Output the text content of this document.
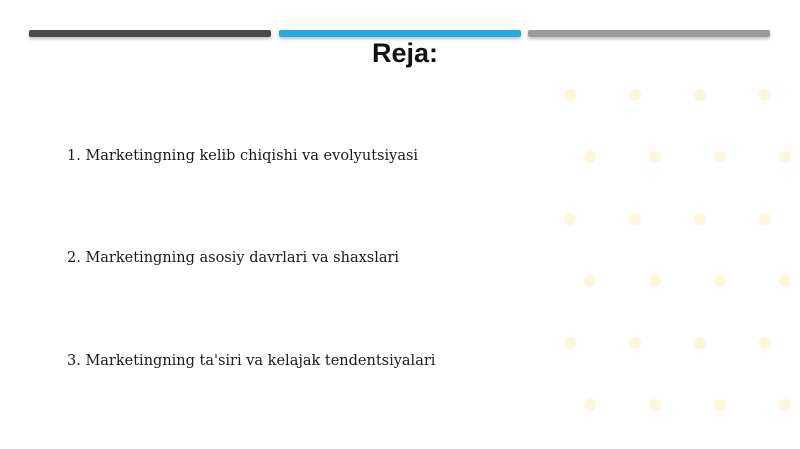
Reja:
1. Marketingning kelib chiqishi va evolyutsiyasi
2. Marketingning asosiy davrlari va shaxslari
3. Marketingning ta'siri va kelajak tendentsiyalari
